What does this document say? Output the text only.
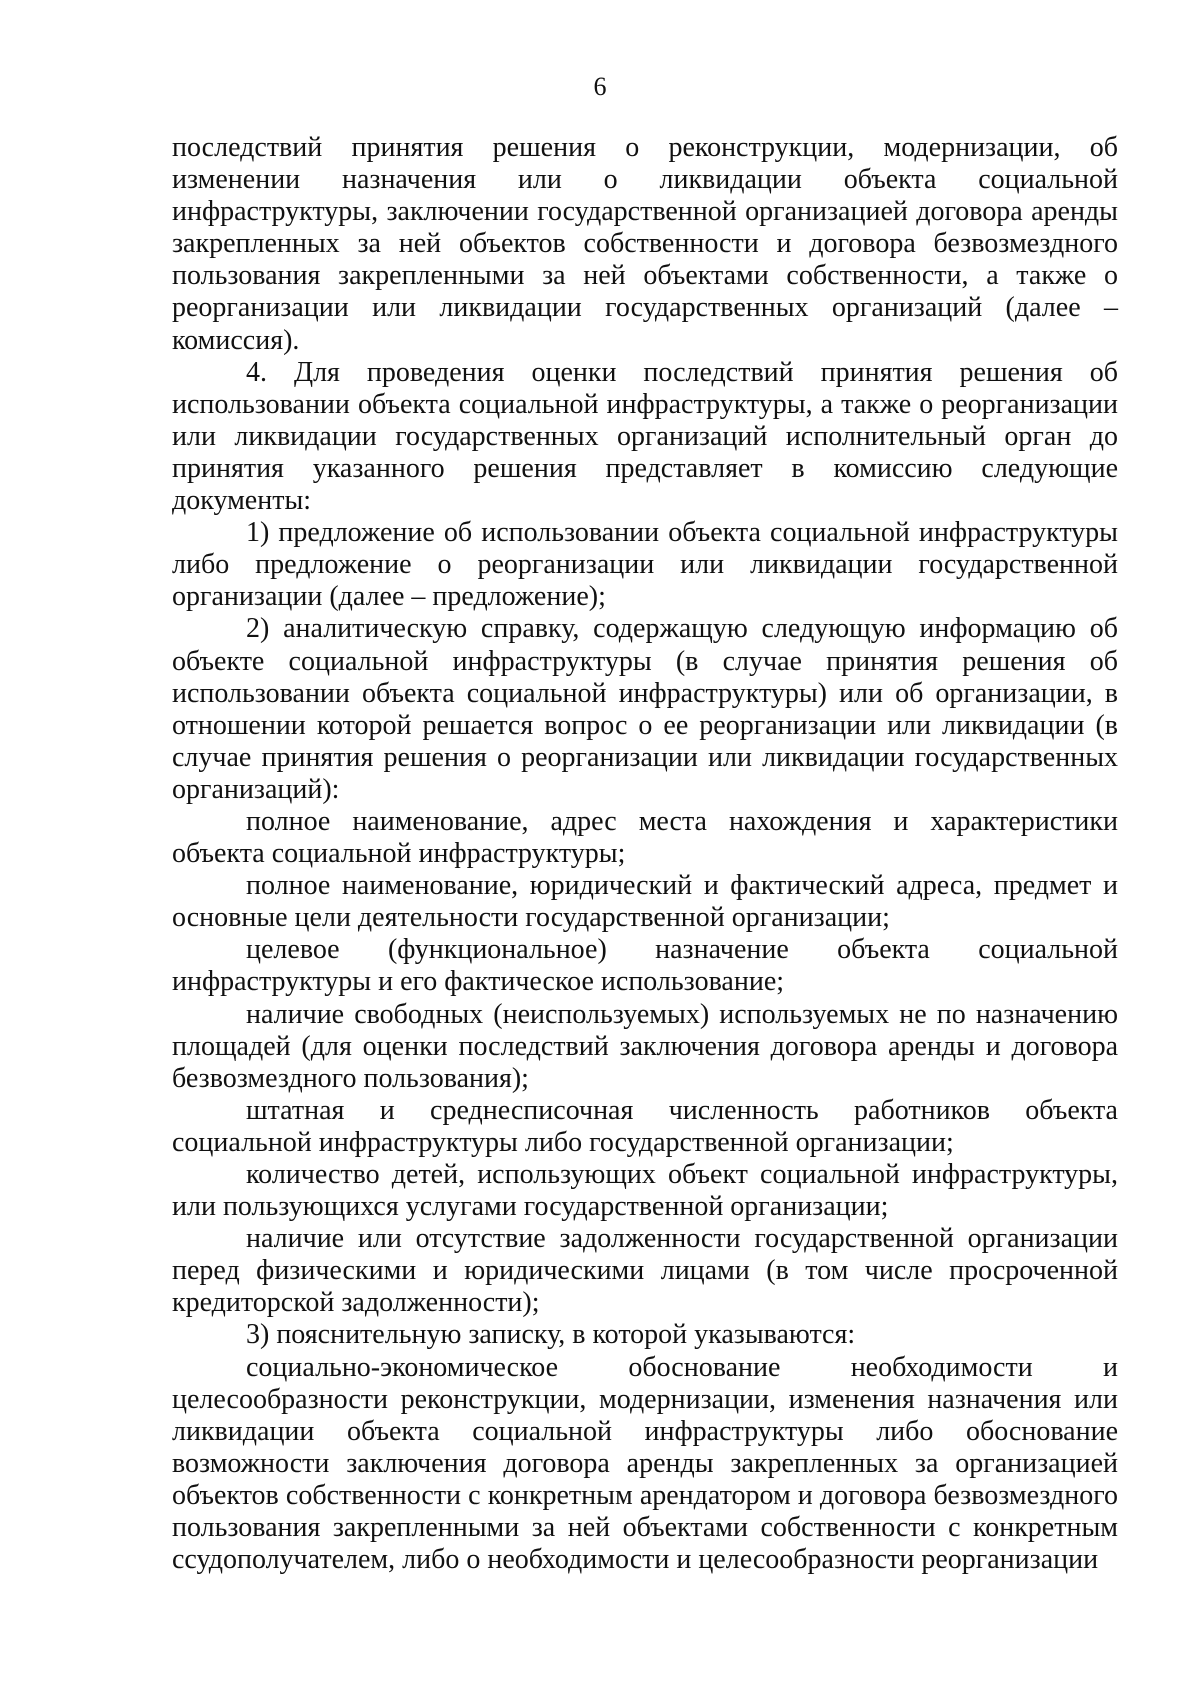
6

последствий принятия решения о реконструкции, модернизации, об изменении назначения или о ликвидации объекта социальной инфраструктуры, заключении государственной организацией договора аренды закрепленных за ней объектов собственности и договора безвозмездного пользования закрепленными за ней объектами собственности, а также о реорганизации или ликвидации государственных организаций (далее – комиссия).

4. Для проведения оценки последствий принятия решения об использовании объекта социальной инфраструктуры, а также о реорганизации или ликвидации государственных организаций исполнительный орган до принятия указанного решения представляет в комиссию следующие документы:

1) предложение об использовании объекта социальной инфраструктуры либо предложение о реорганизации или ликвидации государственной организации (далее – предложение);

2) аналитическую справку, содержащую следующую информацию об объекте социальной инфраструктуры (в случае принятия решения об использовании объекта социальной инфраструктуры) или об организации, в отношении которой решается вопрос о ее реорганизации или ликвидации (в случае принятия решения о реорганизации или ликвидации государственных организаций):

полное наименование, адрес места нахождения и характеристики объекта социальной инфраструктуры;

полное наименование, юридический и фактический адреса, предмет и основные цели деятельности государственной организации;

целевое (функциональное) назначение объекта социальной инфраструктуры и его фактическое использование;

наличие свободных (неиспользуемых) используемых не по назначению площадей (для оценки последствий заключения договора аренды и договора безвозмездного пользования);

штатная и среднесписочная численность работников объекта социальной инфраструктуры либо государственной организации;

количество детей, использующих объект социальной инфраструктуры, или пользующихся услугами государственной организации;

наличие или отсутствие задолженности государственной организации перед физическими и юридическими лицами (в том числе просроченной кредиторской задолженности);

3) пояснительную записку, в которой указываются:

социально-экономическое обоснование необходимости и целесообразности реконструкции, модернизации, изменения назначения или ликвидации объекта социальной инфраструктуры либо обоснование возможности заключения договора аренды закрепленных за организацией объектов собственности с конкретным арендатором и договора безвозмездного пользования закрепленными за ней объектами собственности с конкретным ссудополучателем, либо о необходимости и целесообразности реорганизации
